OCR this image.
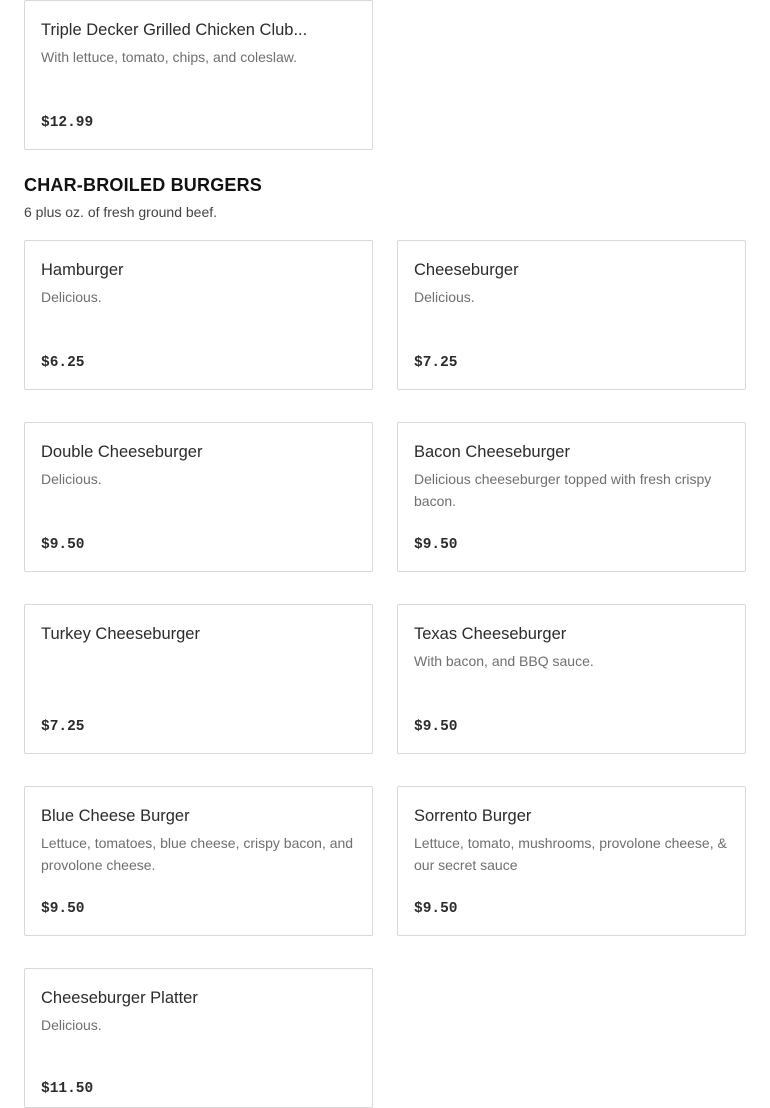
Triple Decker Grilled Chicken Club...
With lettuce, tomato, chips, and coleslaw.
$12.99
CHAR-BROILED BURGERS
6 plus oz. of fresh ground beef.
Hamburger
Delicious.
$6.25
Cheeseburger
Delicious.
$7.25
Double Cheeseburger
Delicious.
$9.50
Bacon Cheeseburger
Delicious cheeseburger topped with fresh crispy bacon.
$9.50
Turkey Cheeseburger
$7.25
Texas Cheeseburger
With bacon, and BBQ sauce.
$9.50
Blue Cheese Burger
Lettuce, tomatoes, blue cheese, crispy bacon, and provolone cheese.
$9.50
Sorrento Burger
Lettuce, tomato, mushrooms, provolone cheese, & our secret sauce
$9.50
Cheeseburger Platter
Delicious.
$11.50
